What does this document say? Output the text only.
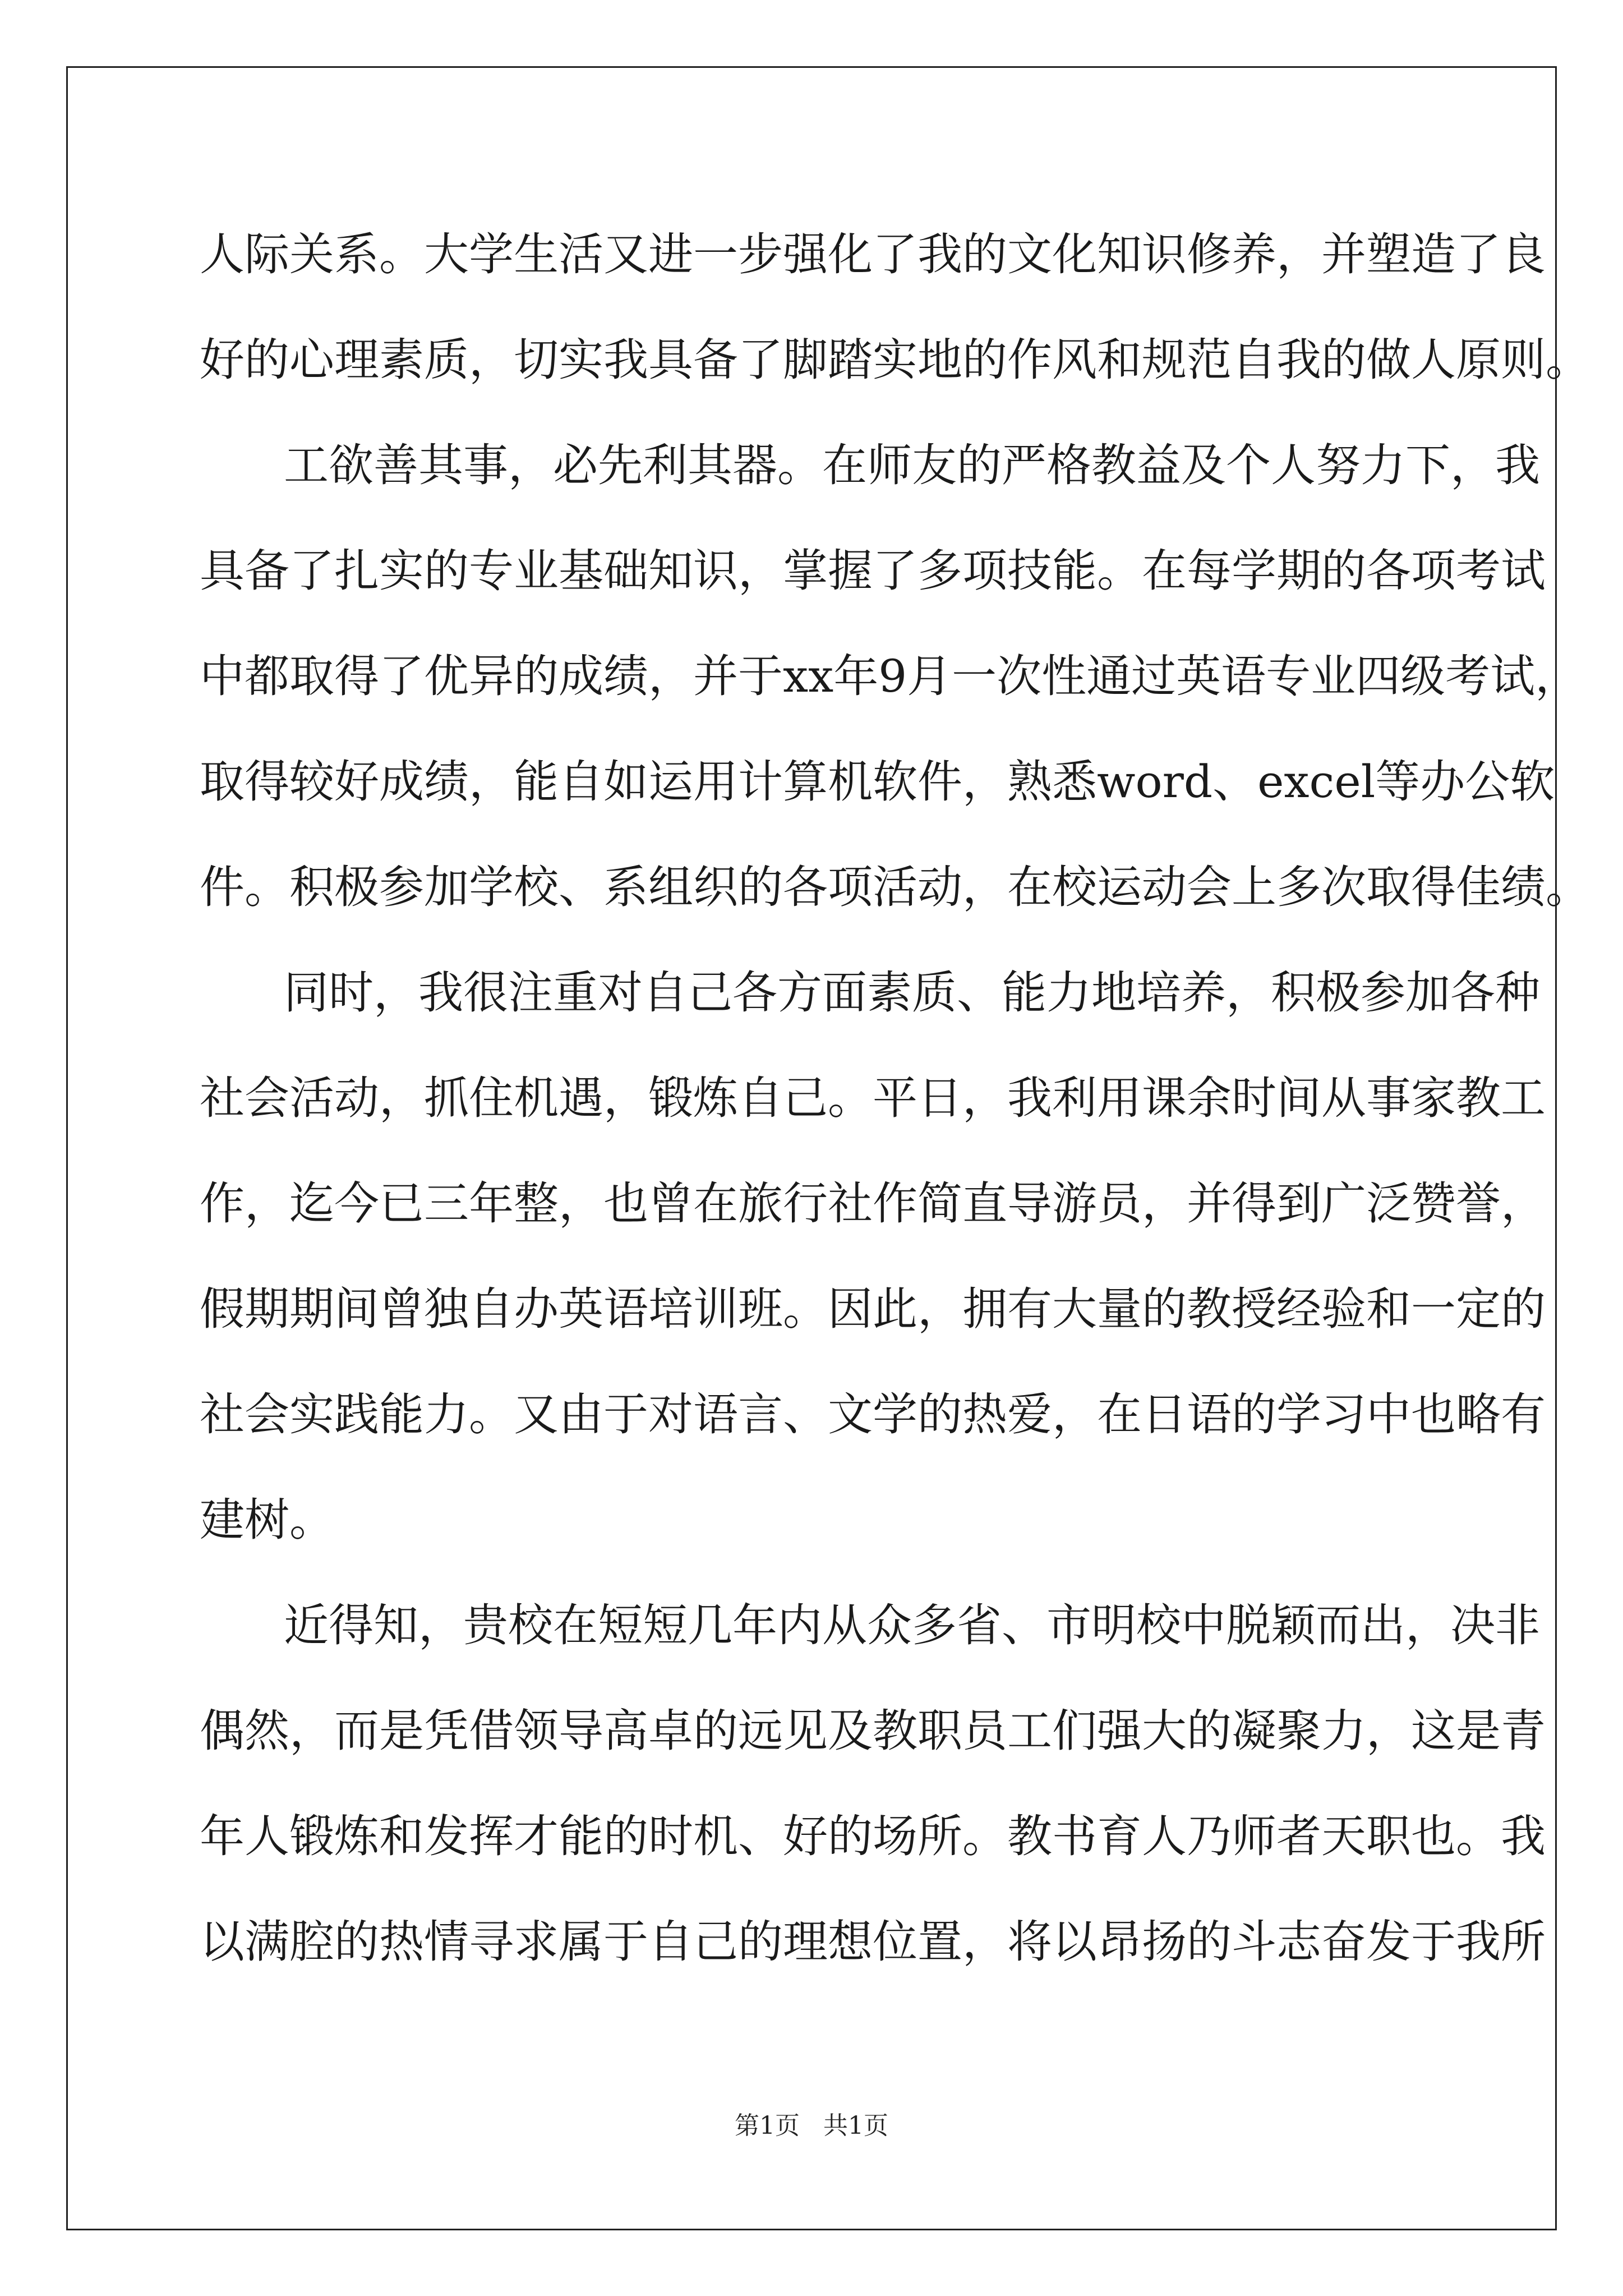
人际关系。大学生活又进一步强化了我的文化知识修养，并塑造了良
好的心理素质，切实我具备了脚踏实地的作风和规范自我的做人原则。
工欲善其事，必先利其器。在师友的严格教益及个人努力下，我
具备了扎实的专业基础知识，掌握了多项技能。在每学期的各项考试
中都取得了优异的成绩，并于xx年9月一次性通过英语专业四级考试，
取得较好成绩，能自如运用计算机软件，熟悉word、excel等办公软
件。积极参加学校、系组织的各项活动，在校运动会上多次取得佳绩。
同时，我很注重对自己各方面素质、能力地培养，积极参加各种
社会活动，抓住机遇，锻炼自己。平日，我利用课余时间从事家教工
作，迄今已三年整，也曾在旅行社作简直导游员，并得到广泛赞誉，
假期期间曾独自办英语培训班。因此，拥有大量的教授经验和一定的
社会实践能力。又由于对语言、文学的热爱，在日语的学习中也略有
建树。
近得知，贵校在短短几年内从众多省、市明校中脱颖而出，决非
偶然，而是凭借领导高卓的远见及教职员工们强大的凝聚力，这是青
年人锻炼和发挥才能的时机、好的场所。教书育人乃师者天职也。我
以满腔的热情寻求属于自己的理想位置，将以昂扬的斗志奋发于我所
第1页 共1页
